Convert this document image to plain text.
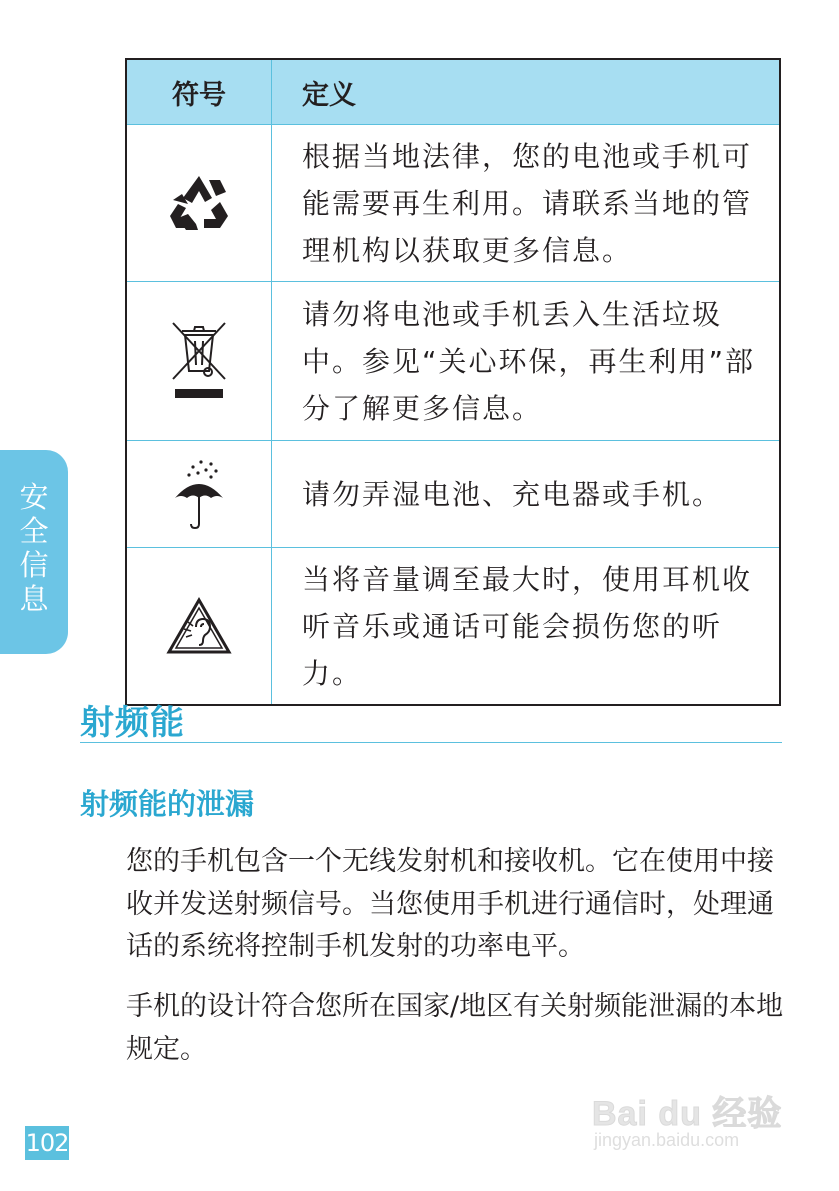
安
全
信
息
符号	定义

	根据当地法律，您的电池或手机可能需要再生利用。请联系当地的管理机构以获取更多信息。

	请勿将电池或手机丢入生活垃圾中。参见“关心环保，再生利用”部分了解更多信息。

	请勿弄湿电池、充电器或手机。

	当将音量调至最大时，使用耳机收听音乐或通话可能会损伤您的听力。
射频能
射频能的泄漏

您的手机包含一个无线发射机和接收机。它在使用中接收并发送射频信号。当您使用手机进行通信时，处理通话的系统将控制手机发射的功率电平。

手机的设计符合您所在国家/地区有关射频能泄漏的本地规定。

102
Bai du 经验
jingyan.baidu.com
